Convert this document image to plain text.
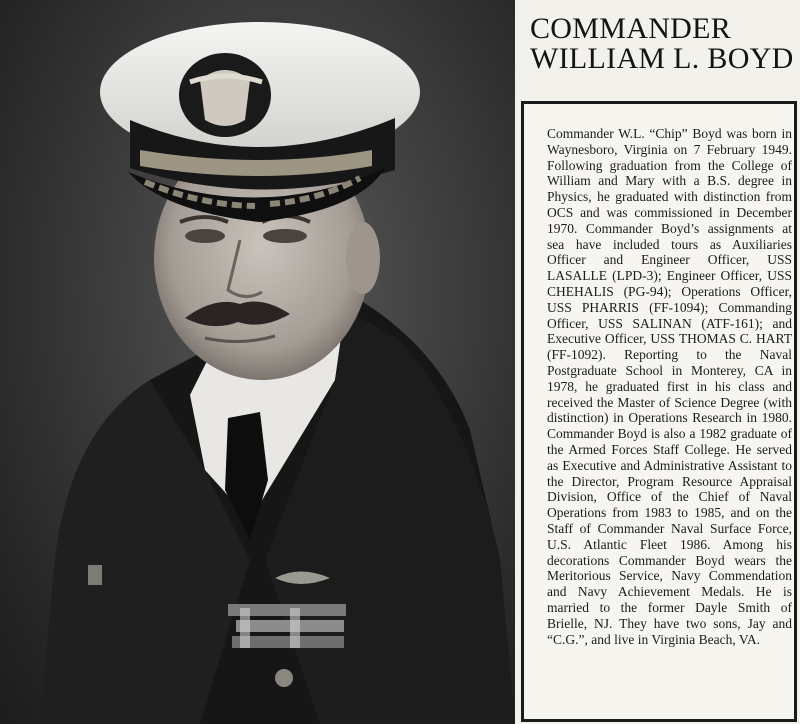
COMMANDER
WILLIAM L. BOYD

Commander W.L. “Chip” Boyd was born in Waynesboro, Virginia on 7 February 1949. Following graduation from the College of William and Mary with a B.S. degree in Physics, he graduated with distinction from OCS and was commissioned in December 1970. Commander Boyd’s assignments at sea have included tours as Auxiliaries Officer and Engineer Officer, USS LASALLE (LPD-3); Engineer Officer, USS CHEHALIS (PG-94); Operations Officer, USS PHARRIS (FF-1094); Commanding Officer, USS SALINAN (ATF-161); and Executive Officer, USS THOMAS C. HART (FF-1092). Reporting to the Naval Postgraduate School in Monterey, CA in 1978, he graduated first in his class and received the Master of Science Degree (with distinction) in Operations Research in 1980. Commander Boyd is also a 1982 graduate of the Armed Forces Staff College. He served as Executive and Administrative Assistant to the Director, Program Resource Appraisal Division, Office of the Chief of Naval Operations from 1983 to 1985, and on the Staff of Commander Naval Surface Force, U.S. Atlantic Fleet 1986. Among his decorations Commander Boyd wears the Meritorious Service, Navy Commendation and Navy Achievement Medals. He is married to the former Dayle Smith of Brielle, NJ. They have two sons, Jay and “C.G.”, and live in Virginia Beach, VA.
